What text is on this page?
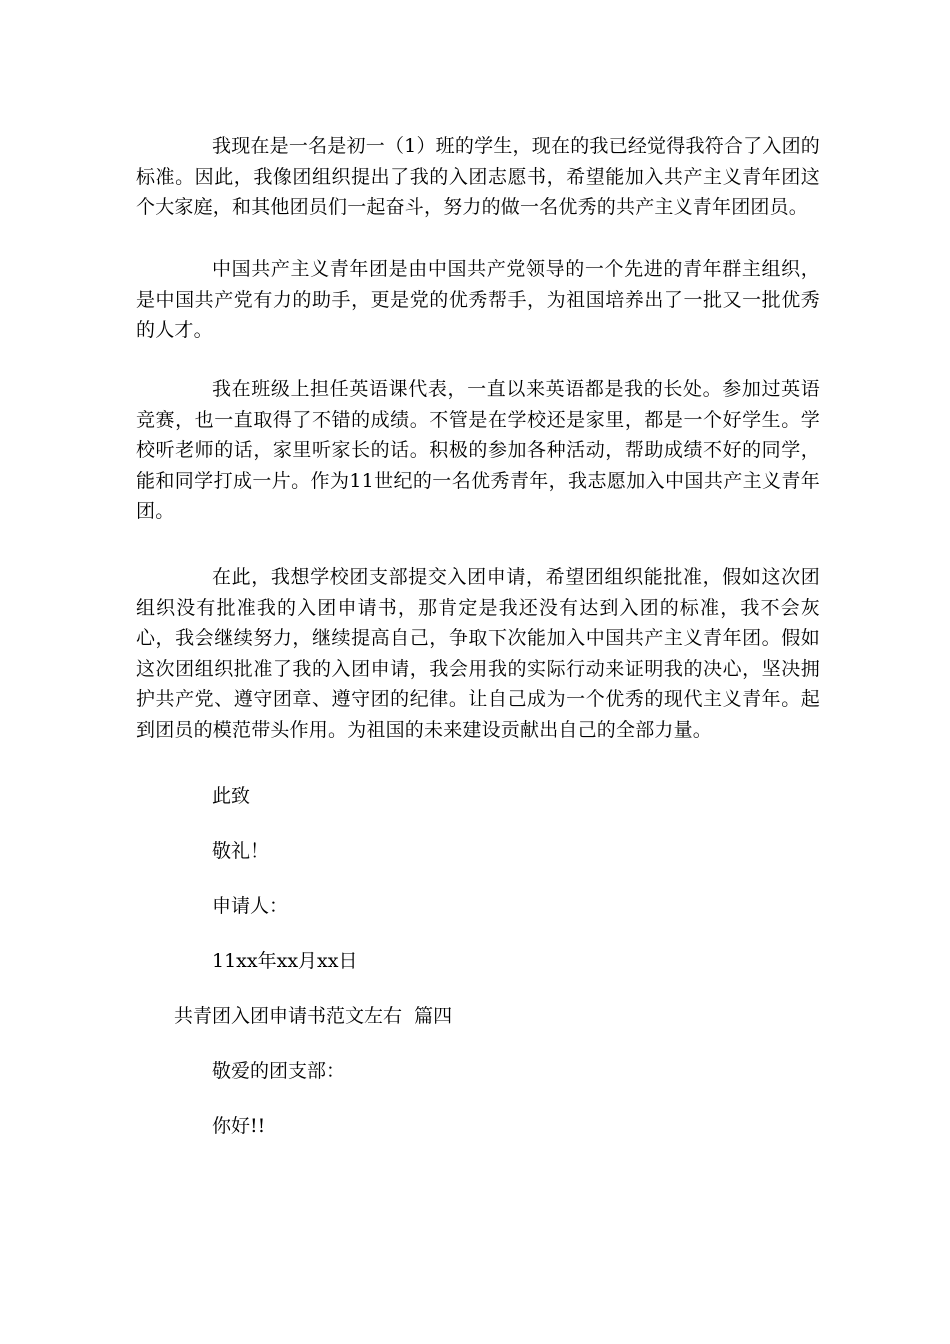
我现在是一名是初一（1）班的学生，现在的我已经觉得我符合了入团的标准。因此，我像团组织提出了我的入团志愿书，希望能加入共产主义青年团这个大家庭，和其他团员们一起奋斗，努力的做一名优秀的共产主义青年团团员。

中国共产主义青年团是由中国共产党领导的一个先进的青年群主组织，是中国共产党有力的助手，更是党的优秀帮手，为祖国培养出了一批又一批优秀的人才。

我在班级上担任英语课代表，一直以来英语都是我的长处。参加过英语竞赛，也一直取得了不错的成绩。不管是在学校还是家里，都是一个好学生。学校听老师的话，家里听家长的话。积极的参加各种活动，帮助成绩不好的同学，能和同学打成一片。作为11世纪的一名优秀青年，我志愿加入中国共产主义青年团。

在此，我想学校团支部提交入团申请，希望团组织能批准，假如这次团组织没有批准我的入团申请书，那肯定是我还没有达到入团的标准，我不会灰心，我会继续努力，继续提高自己，争取下次能加入中国共产主义青年团。假如这次团组织批准了我的入团申请，我会用我的实际行动来证明我的决心，坚决拥护共产党、遵守团章、遵守团的纪律。让自己成为一个优秀的现代主义青年。起到团员的模范带头作用。为祖国的未来建设贡献出自己的全部力量。

此致

敬礼！

申请人：

11xx年xx月xx日

共青团入团申请书范文左右  篇四

敬爱的团支部：

你好!!
